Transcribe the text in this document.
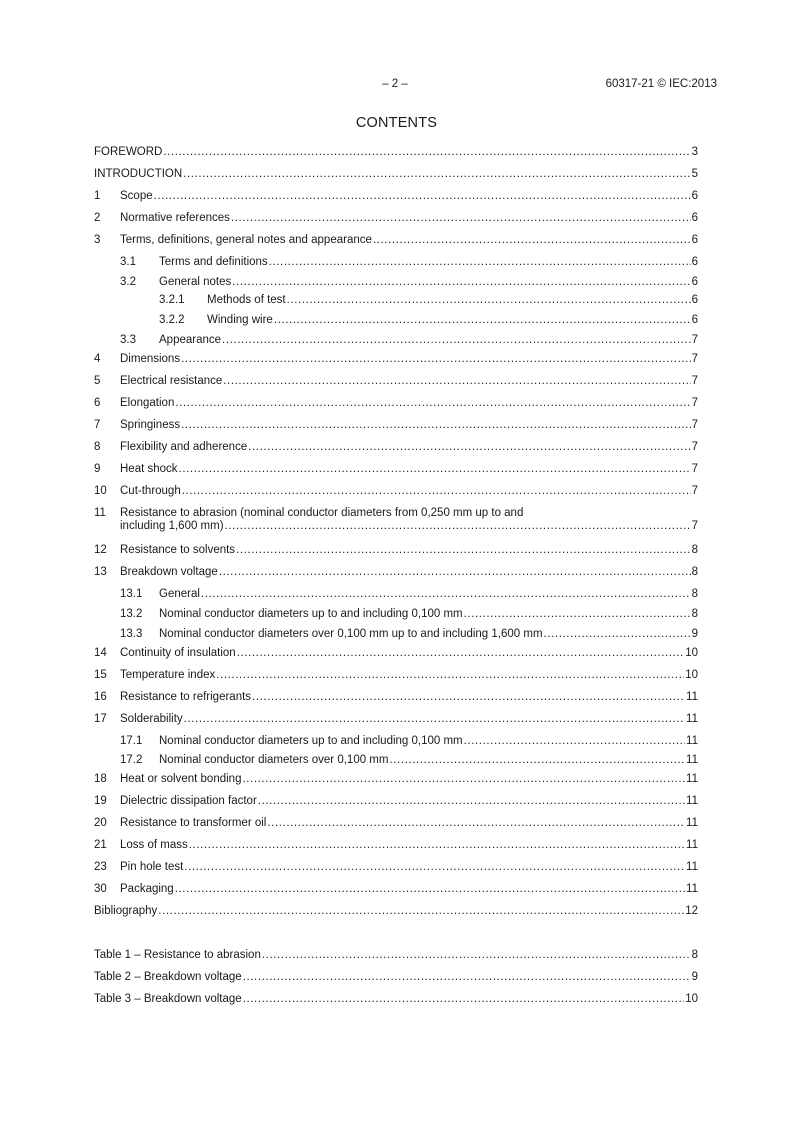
– 2 –	60317-21 © IEC:2013
CONTENTS
FOREWORD . . .	3
INTRODUCTION . . .	5
1 Scope . . .	6
2 Normative references . . .	6
3 Terms, definitions, general notes and appearance . . .	6
3.1 Terms and definitions . . .	6
3.2 General notes . . .	6
3.2.1 Methods of test . . .	6
3.2.2 Winding wire . . .	6
3.3 Appearance . . .	7
4 Dimensions . . .	7
5 Electrical resistance . . .	7
6 Elongation . . .	7
7 Springiness . . .	7
8 Flexibility and adherence . . .	7
9 Heat shock . . .	7
10 Cut-through . . .	7
11 Resistance to abrasion (nominal conductor diameters from 0,250 mm up to and
including 1,600 mm) . . .	7
12 Resistance to solvents . . .	8
13 Breakdown voltage . . .	8
13.1 General . . .	8
13.2 Nominal conductor diameters up to and including 0,100 mm . . .	8
13.3 Nominal conductor diameters over 0,100 mm up to and including 1,600 mm . . .	9
14 Continuity of insulation . . .	10
15 Temperature index . . .	10
16 Resistance to refrigerants . . .	11
17 Solderability . . .	11
17.1 Nominal conductor diameters up to and including 0,100 mm . . .	11
17.2 Nominal conductor diameters over 0,100 mm . . .	11
18 Heat or solvent bonding . . .	11
19 Dielectric dissipation factor . . .	11
20 Resistance to transformer oil . . .	11
21 Loss of mass . . .	11
23 Pin hole test . . .	11
30 Packaging . . .	11
Bibliography . . .	12
Table 1 – Resistance to abrasion . . .	8
Table 2 – Breakdown voltage . . .	9
Table 3 – Breakdown voltage . . .	10
